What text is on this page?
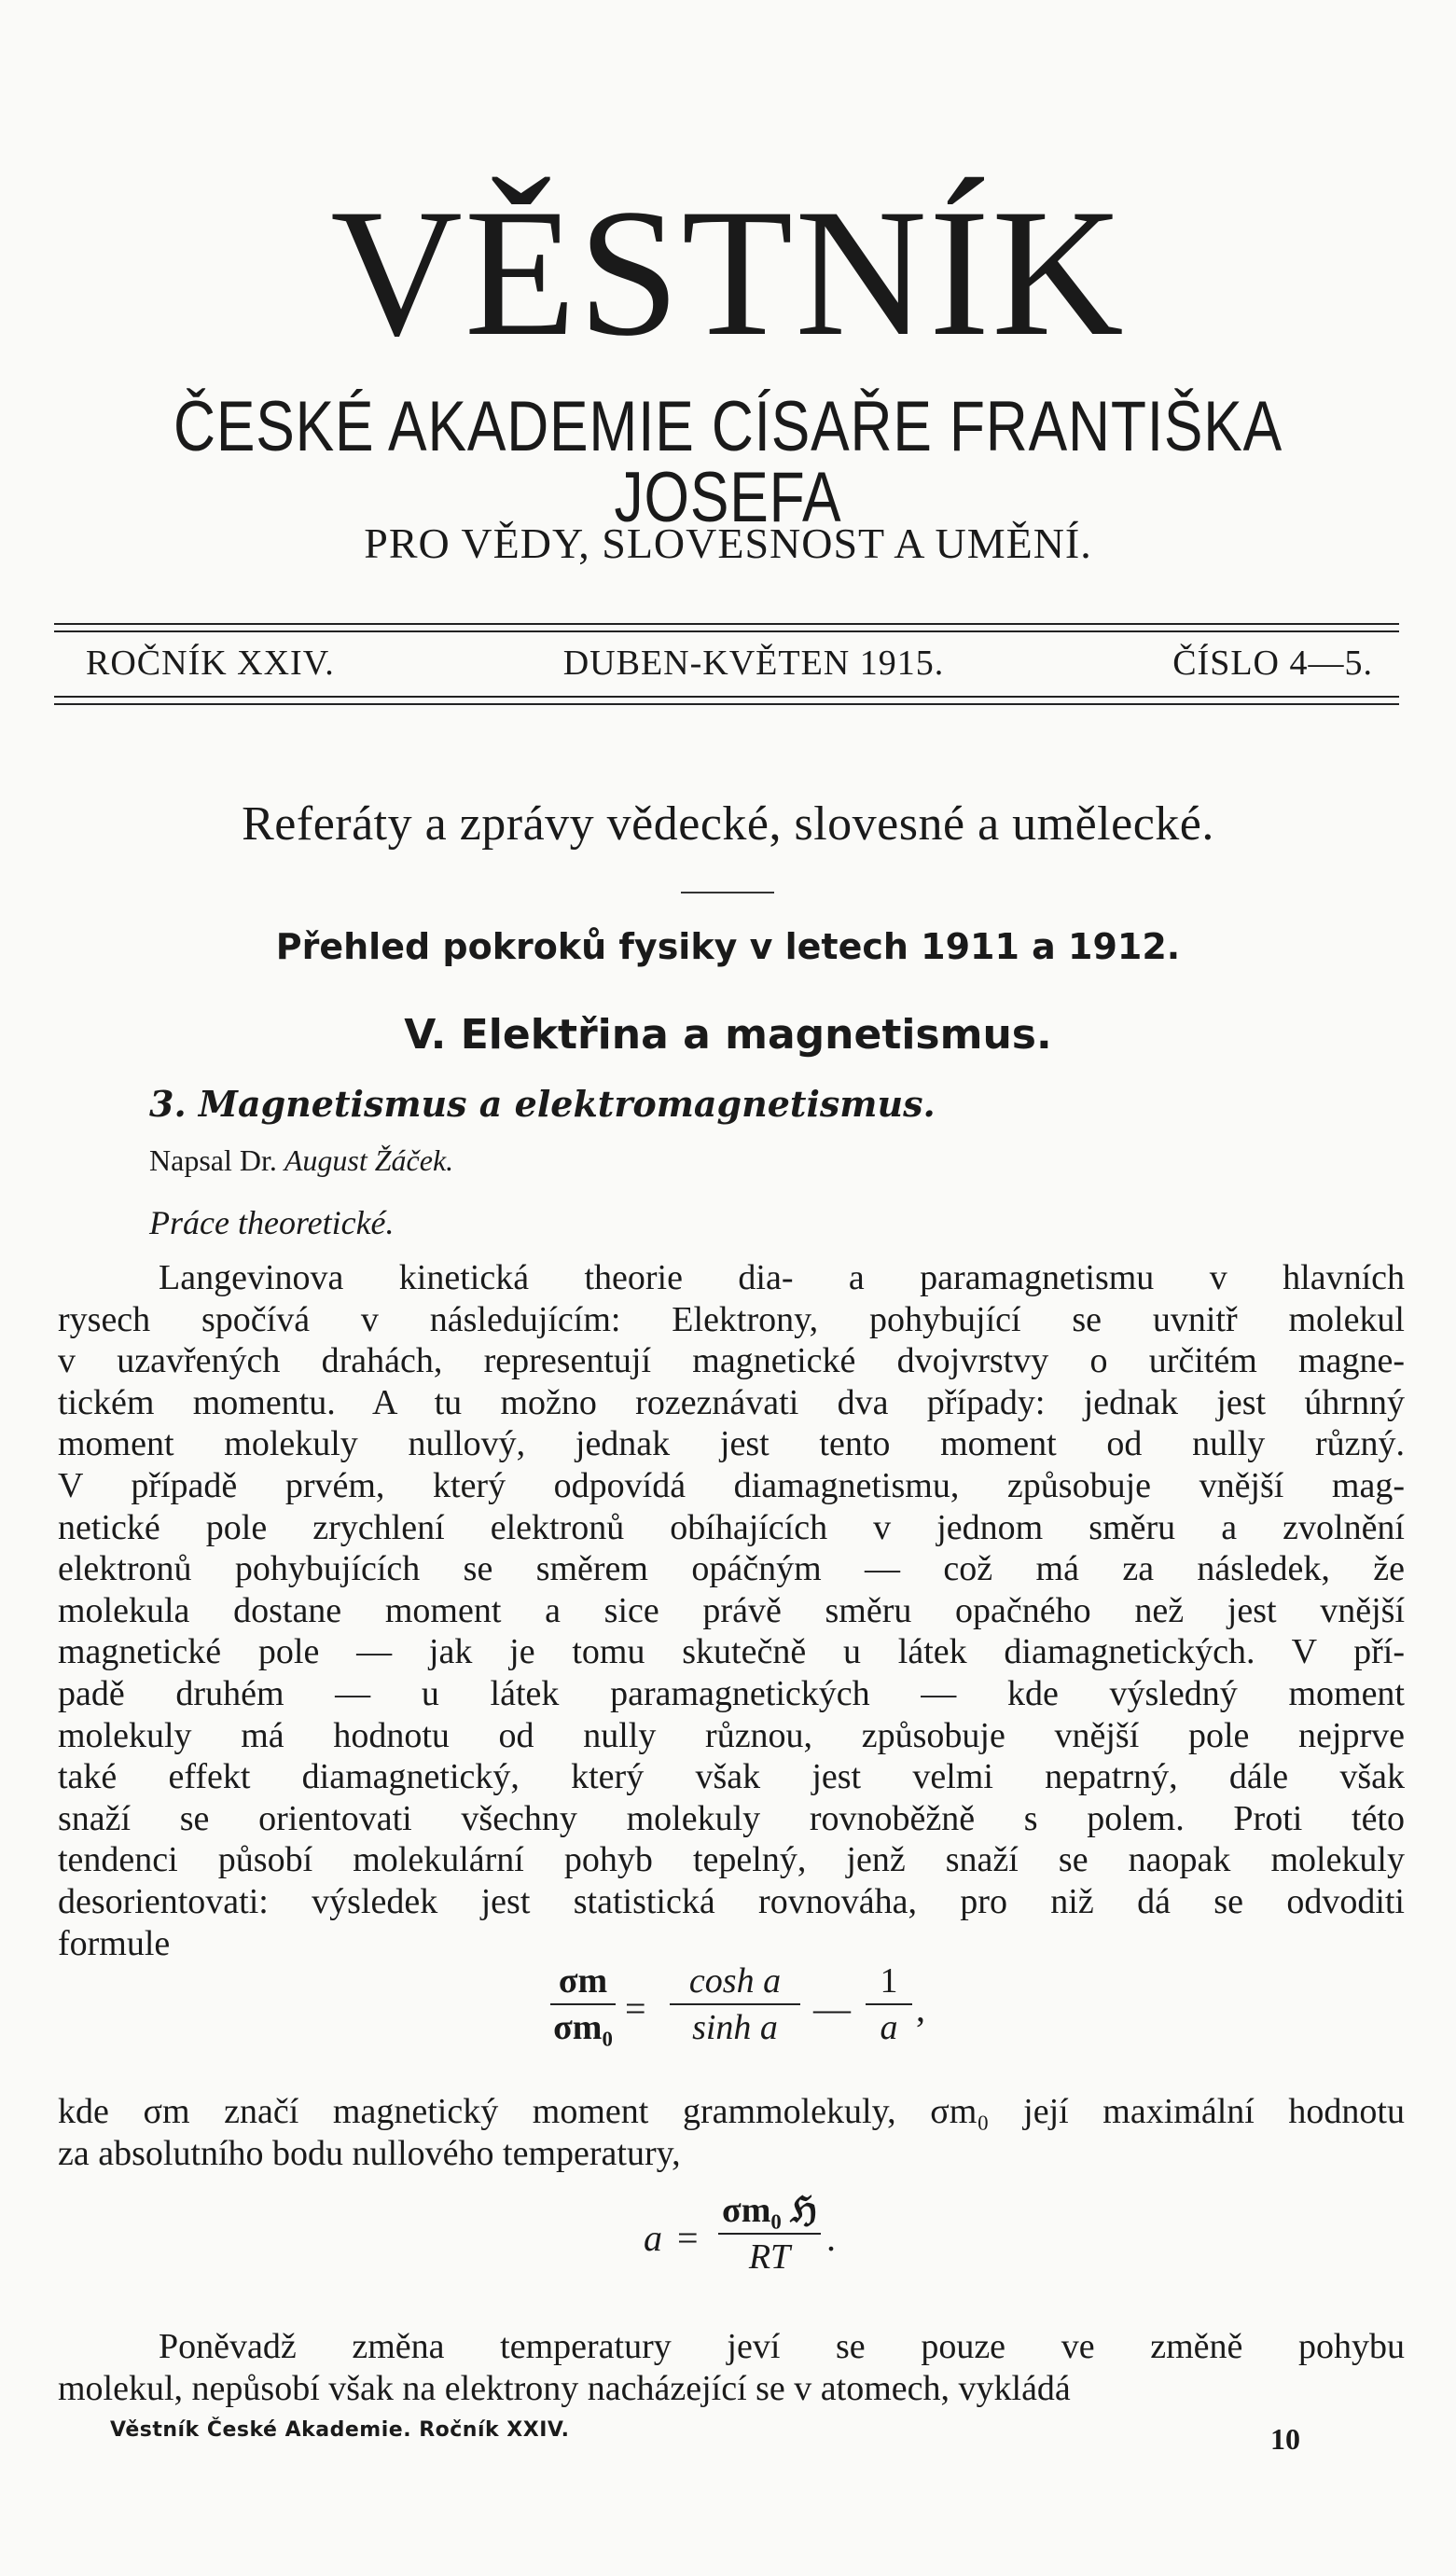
VĚSTNÍK
ČESKÉ AKADEMIE CÍSAŘE FRANTIŠKA JOSEFA
PRO VĚDY, SLOVESNOST A UMĚNÍ.
ROČNÍK XXIV.	DUBEN-KVĚTEN 1915.	ČÍSLO 4—5.
Referáty a zprávy vědecké, slovesné a umělecké.
Přehled pokroků fysiky v letech 1911 a 1912.
V. Elektřina a magnetismus.
3. Magnetismus a elektromagnetismus.
Napsal Dr. August Žáček.
Práce theoretické.
Langevinova kinetická theorie dia- a paramagnetismu v hlavních
rysech spočívá v následujícím: Elektrony, pohybující se uvnitř molekul
v uzavřených drahách, representují magnetické dvojvrstvy o určitém magne-
tickém momentu. A tu možno rozeznávati dva případy: jednak jest úhrnný
moment molekuly nullový, jednak jest tento moment od nully různý.
V případě prvém, který odpovídá diamagnetismu, způsobuje vnější mag-
netické pole zrychlení elektronů obíhajících v jednom směru a zvolnění
elektronů pohybujících se směrem opáčným — což má za následek, že
molekula dostane moment a sice právě směru opačného než jest vnější
magnetické pole — jak je tomu skutečně u látek diamagnetických. V pří-
padě druhém — u látek paramagnetických — kde výsledný moment
molekuly má hodnotu od nully různou, způsobuje vnější pole nejprve
také effekt diamagnetický, který však jest velmi nepatrný, dále však
snaží se orientovati všechny molekuly rovnoběžně s polem. Proti této
tendenci působí molekulární pohyb tepelný, jenž snaží se naopak molekuly
desorientovati: výsledek jest statistická rovnováha, pro niž dá se odvoditi
formule
σm
σm₀ =
cosh a
sinh a —
1
a ,
kde σm značí magnetický moment grammolekuly, σm₀ její maximální hodnotu
za absolutního bodu nullového temperatury,
a =
σm₀ ℌ
RT .
Poněvadž změna temperatury jeví se pouze ve změně pohybu
molekul, nepůsobí však na elektrony nacházející se v atomech, vykládá
Věstník České Akademie. Ročník XXIV.	10
